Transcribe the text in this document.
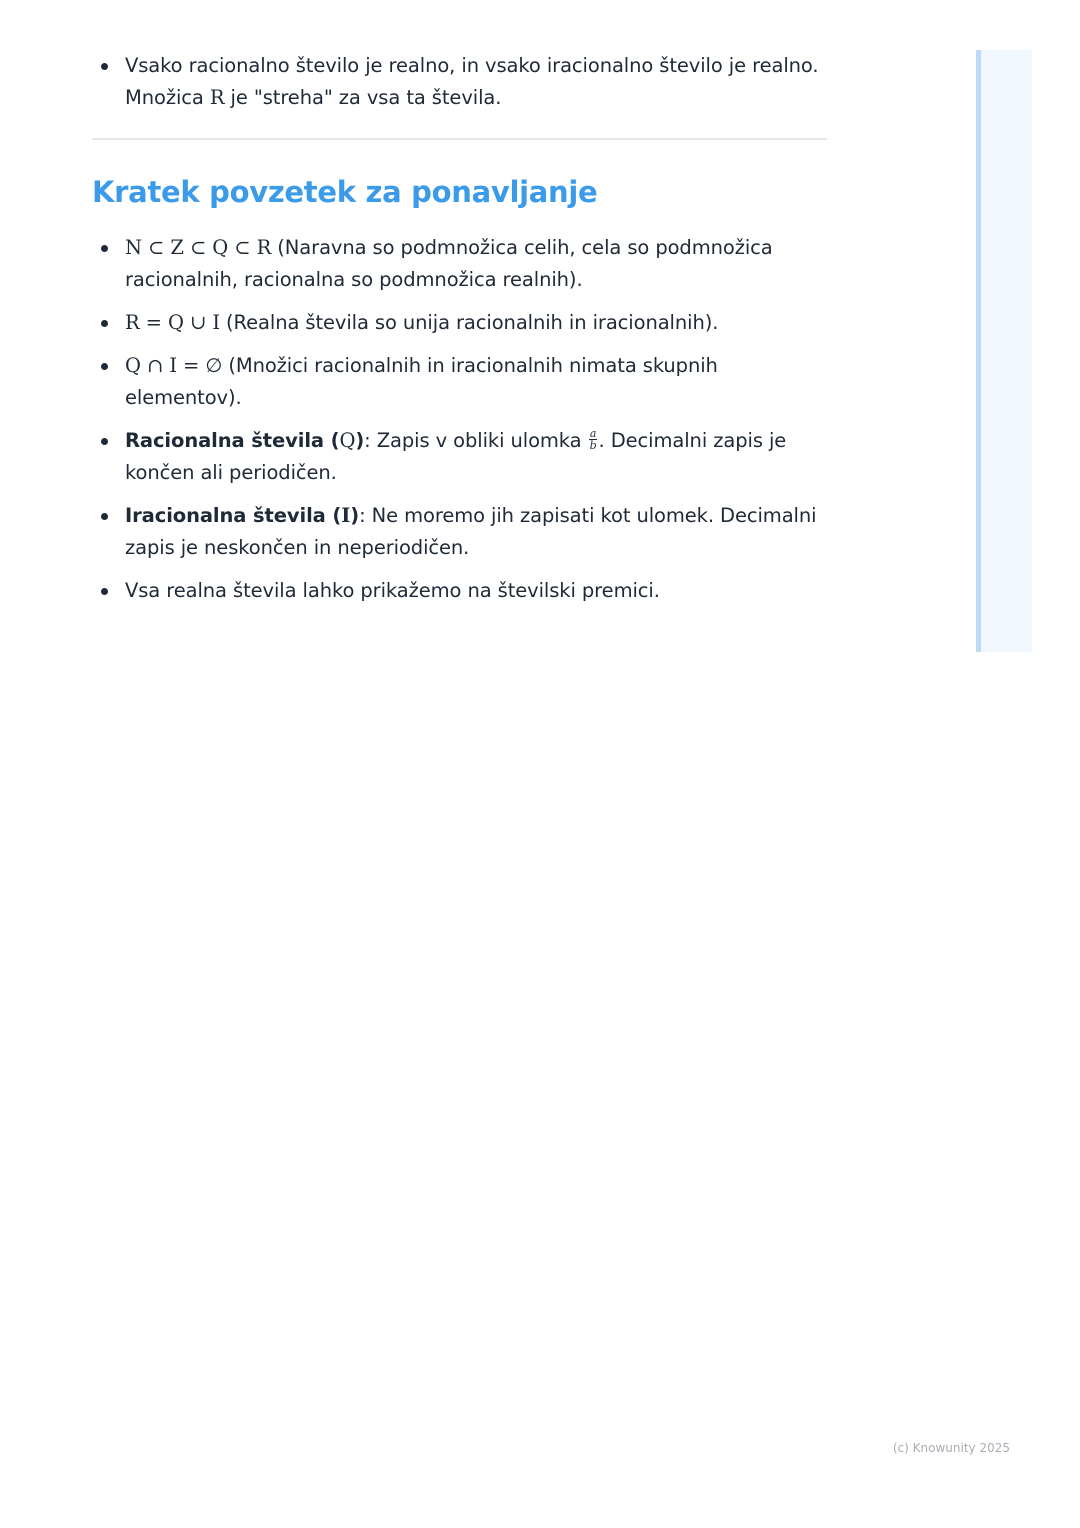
Vsako racionalno število je realno, in vsako iracionalno število je realno. Množica R je "streha" za vsa ta števila.
Kratek povzetek za ponavljanje
N ⊂ Z ⊂ Q ⊂ R (Naravna so podmnožica celih, cela so podmnožica racionalnih, racionalna so podmnožica realnih).
R = Q ∪ I (Realna števila so unija racionalnih in iracionalnih).
Q ∩ I = ∅ (Množici racionalnih in iracionalnih nimata skupnih elementov).
Racionalna števila (Q): Zapis v obliki ulomka $\frac{a}{b}$ . Decimalni zapis je končen ali periodičen.
Iracionalna števila (I): Ne moremo jih zapisati kot ulomek. Decimalni zapis je neskončen in neperiodičen.
Vsa realna števila lahko prikažemo na številski premici.
(c) Knowunity 2025
